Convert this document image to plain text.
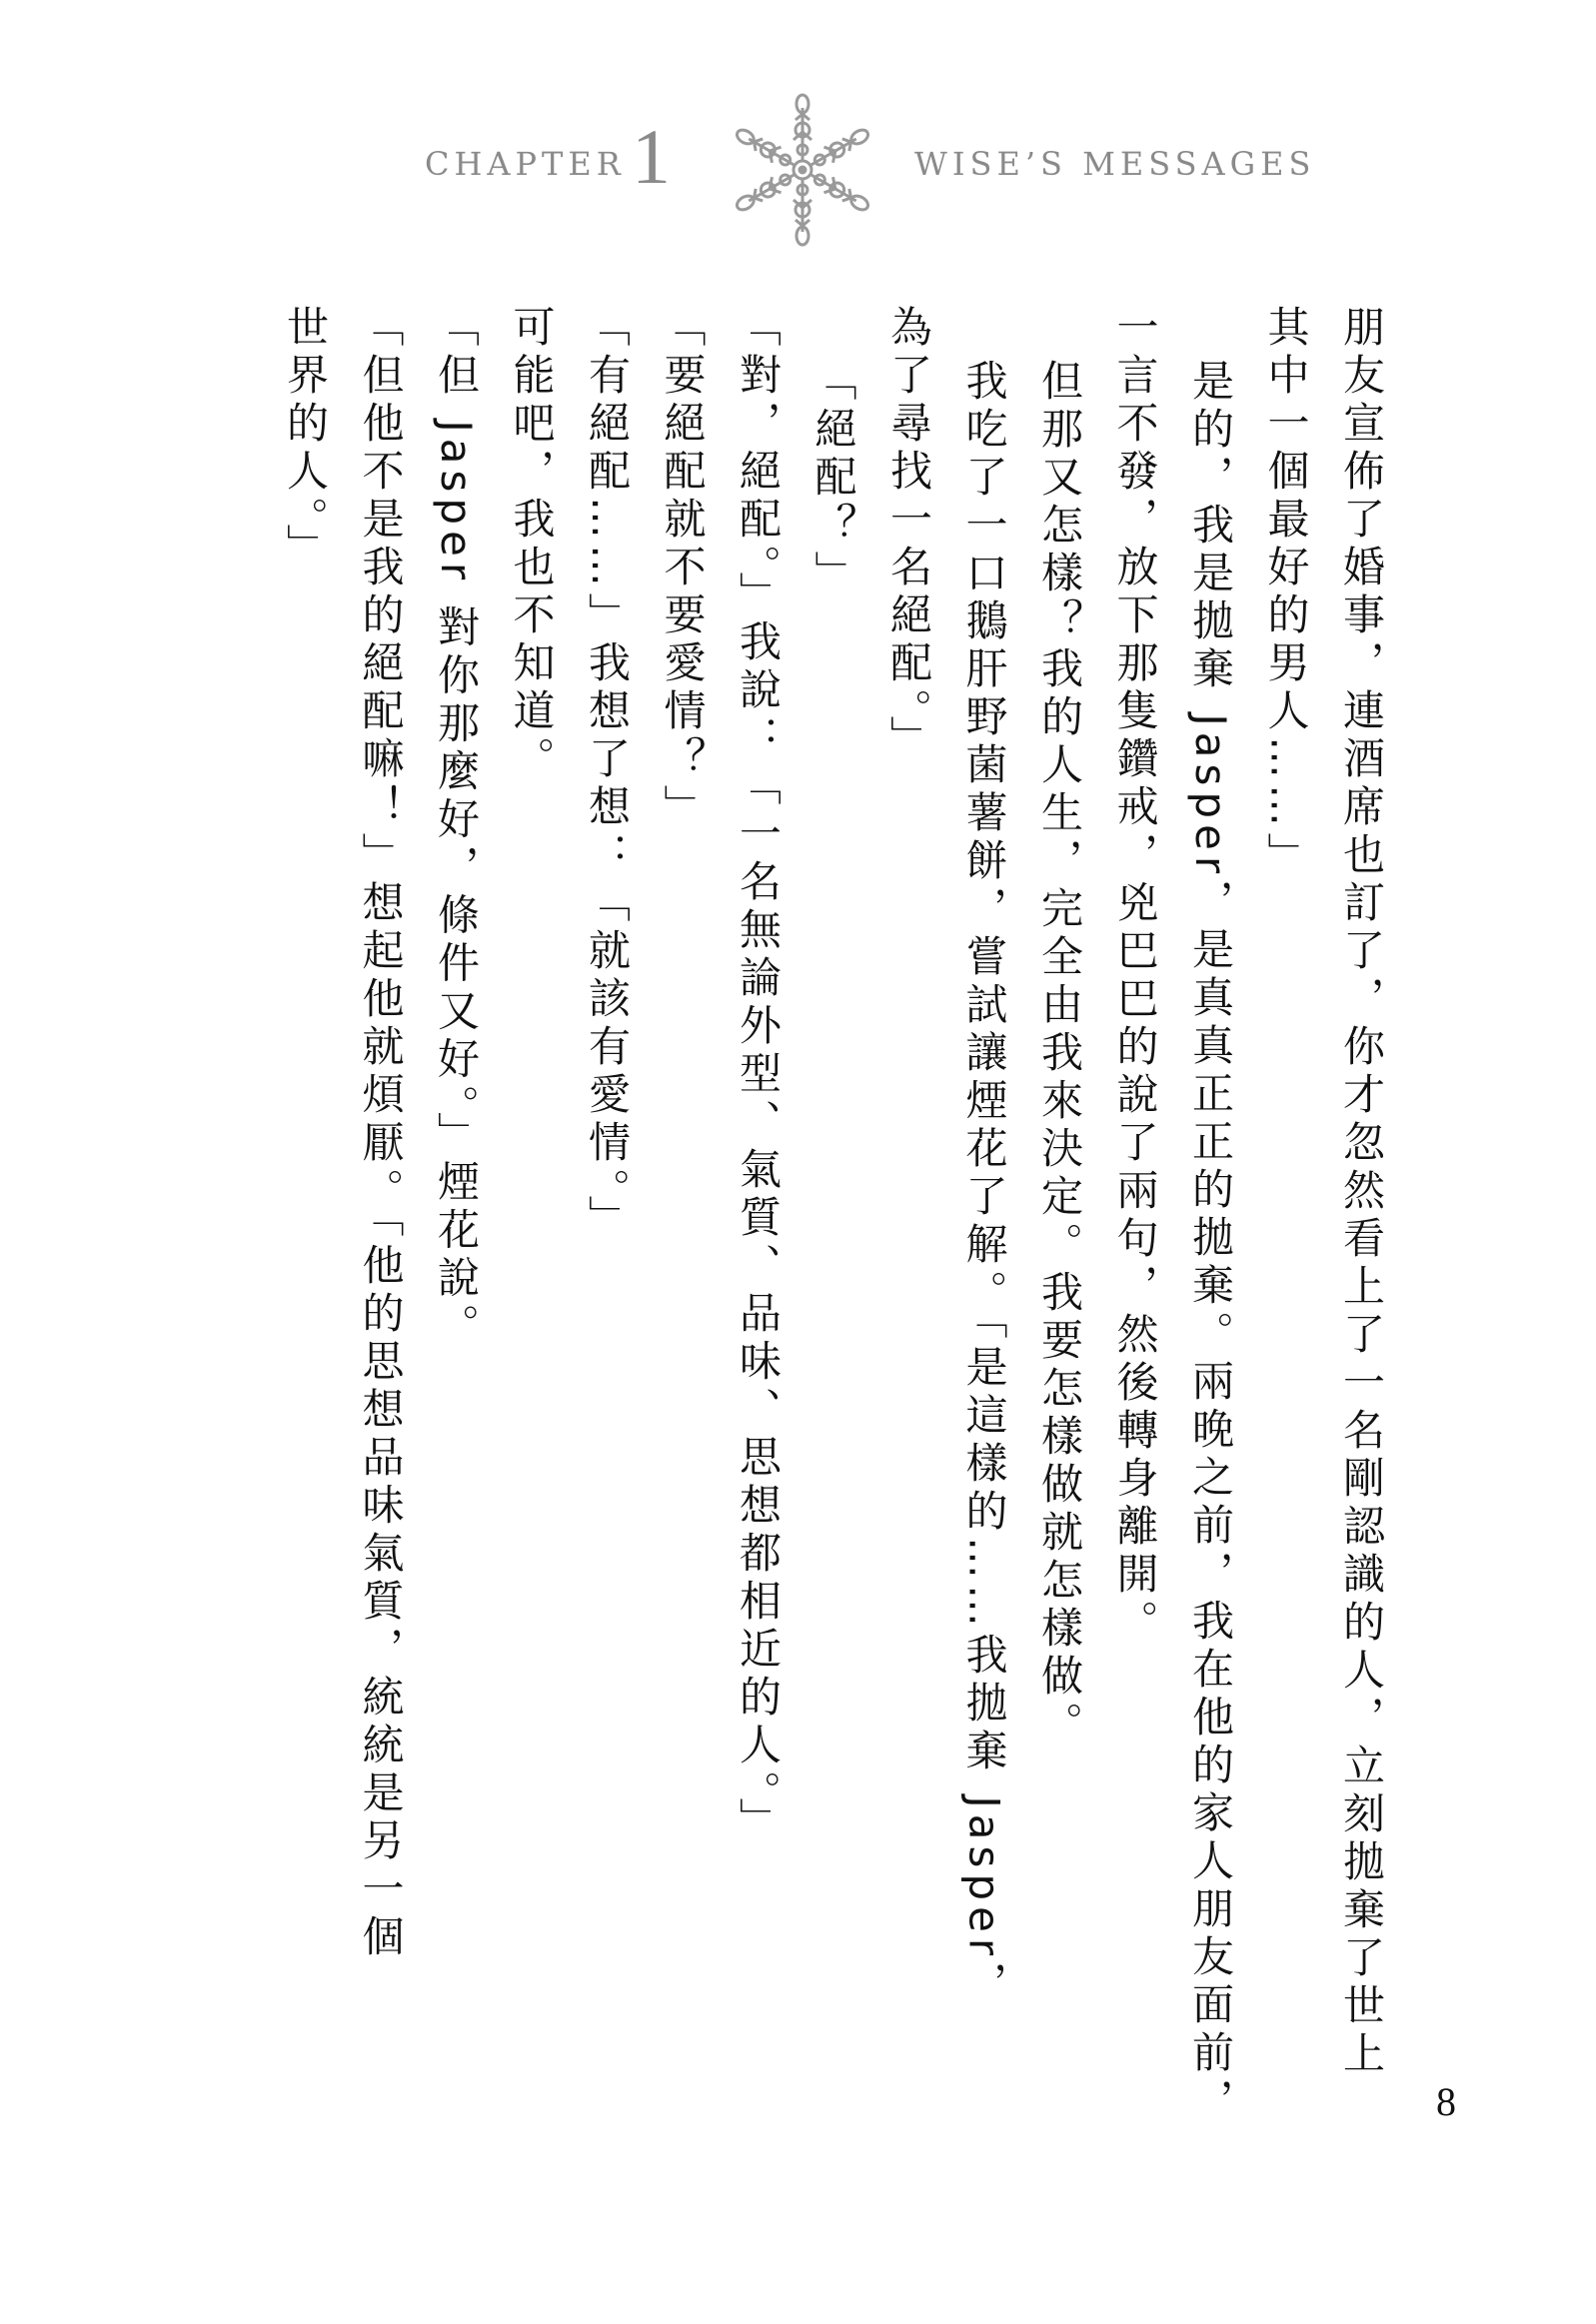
CHAPTER 1	WISE’S MESSAGES

朋友宣佈了婚事，連酒席也訂了，你才忽然看上了一名剛認識的人，立刻拋棄了世上

其中一個最好的男人……」

是的，我是拋棄 Jasper，是真真正正的拋棄。兩晚之前，我在他的家人朋友面前，

一言不發，放下那隻鑽戒，兇巴巴的說了兩句，然後轉身離開。

但那又怎樣？我的人生，完全由我來決定。我要怎樣做就怎樣做。

我吃了一口鵝肝野菌薯餅，嘗試讓煙花了解。「是這樣的……我拋棄 Jasper，

為了尋找一名絕配。」

「絕配？」

「對，絕配。」我說：「一名無論外型、氣質、品味、思想都相近的人。」

「要絕配就不要愛情？」

「有絕配……」我想了想：「就該有愛情。」

可能吧，我也不知道。

「但 Jasper 對你那麼好，條件又好。」煙花說。

「但他不是我的絕配嘛！」想起他就煩厭。「他的思想品味氣質，統統是另一個

世界的人。」

8
